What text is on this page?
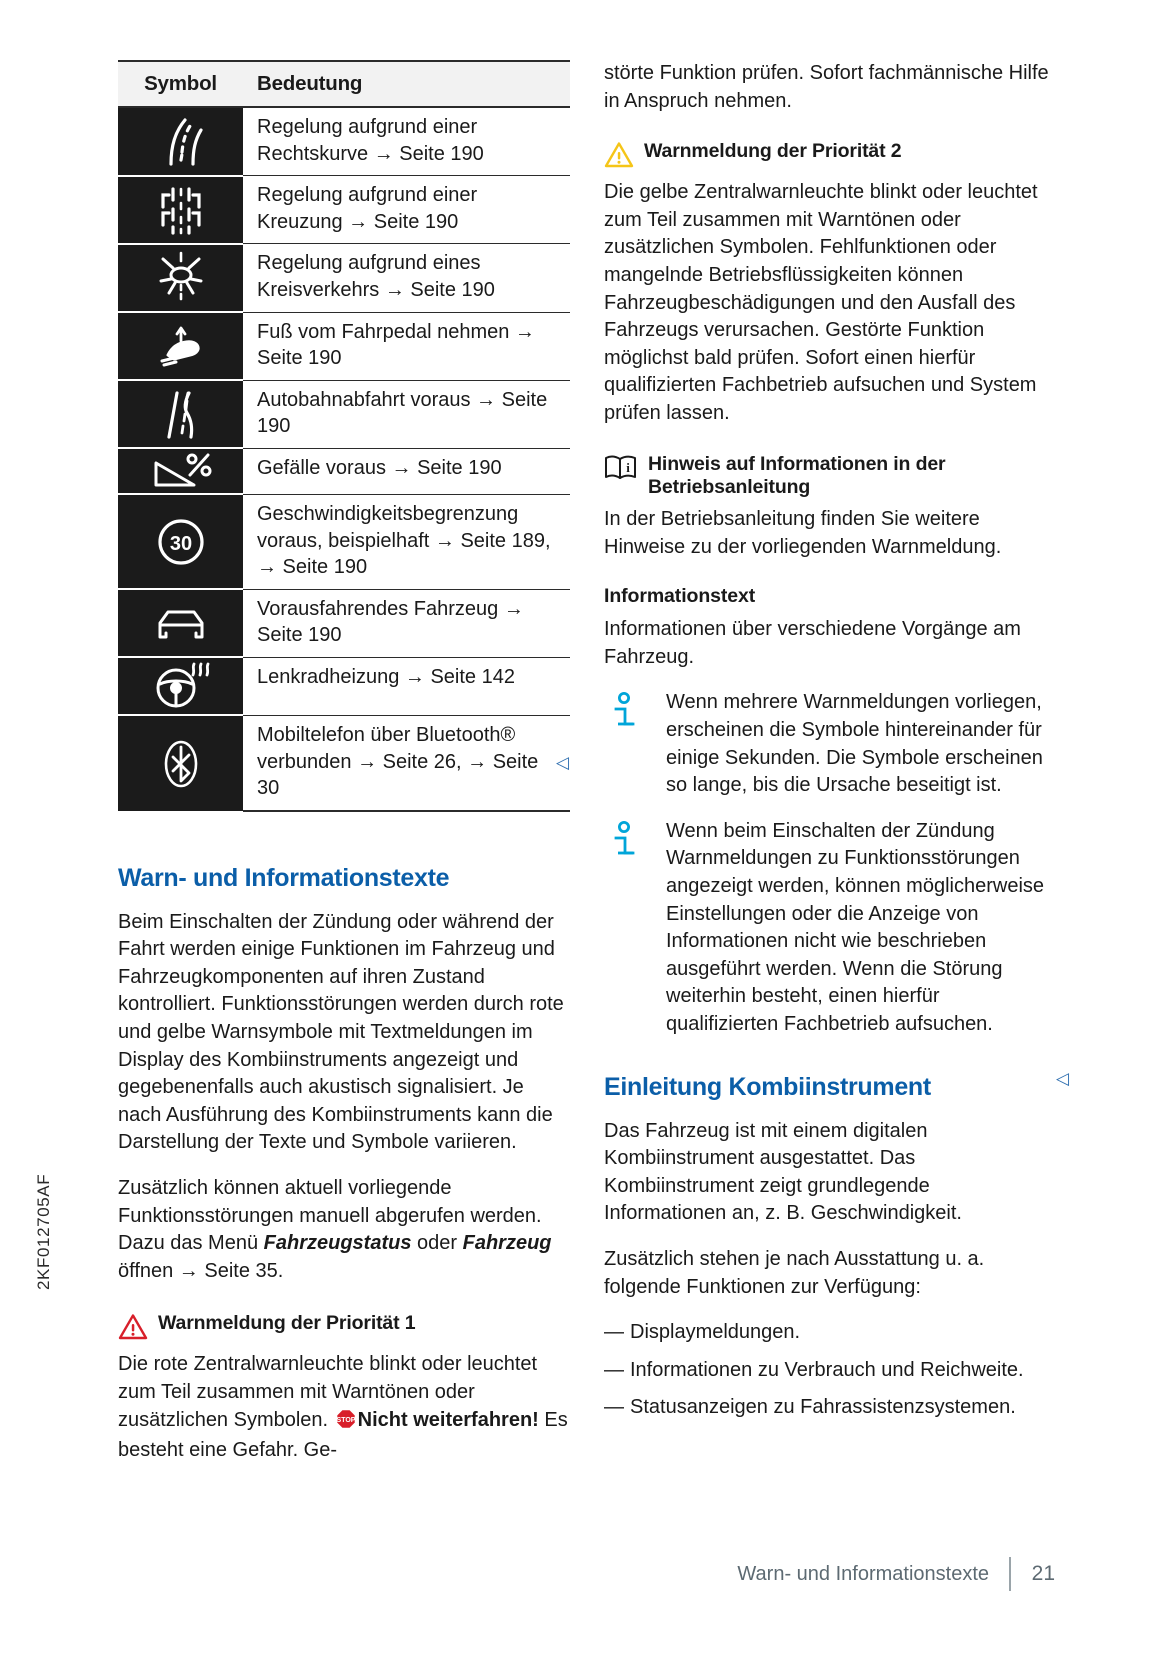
2KF012705AF
Symbol	Bedeutung

	Regelung aufgrund einer Rechtskurve → Seite 190

	Regelung aufgrund einer Kreuzung → Seite 190

	Regelung aufgrund eines Kreisverkehrs → Seite 190

	Fuß vom Fahrpedal nehmen → Seite 190

	Autobahnabfahrt voraus → Seite 190

	Gefälle voraus → Seite 190

30	Geschwindigkeitsbegrenzung voraus, beispielhaft → Seite 189, → Seite 190

	Vorausfahrendes Fahrzeug → Seite 190

	Lenkradheizung → Seite 142

	Mobiltelefon über Bluetooth® verbunden → Seite 26, → Seite 30
◁
Warn- und Informationstexte

Beim Einschalten der Zündung oder während der Fahrt werden einige Funktionen im Fahrzeug und Fahrzeugkomponenten auf ihren Zustand kontrolliert. Funktionsstörungen werden durch rote und gelbe Warnsymbole mit Textmeldungen im Display des Kombiinstruments angezeigt und gegebenenfalls auch akustisch signalisiert. Je nach Ausführung des Kombiinstruments kann die Darstellung der Texte und Symbole variieren.

Zusätzlich können aktuell vorliegende Funktionsstörungen manuell abgerufen werden. Dazu das Menü Fahrzeugstatus oder Fahrzeug öffnen → Seite 35.

Warnmeldung der Priorität 1

Die rote Zentralwarnleuchte blinkt oder leuchtet zum Teil zusammen mit Warntönen oder zusätzlichen Symbolen. STOP Nicht weiterfahren! Es besteht eine Gefahr. Ge-

störte Funktion prüfen. Sofort fachmännische Hilfe in Anspruch nehmen.

Warnmeldung der Priorität 2

Die gelbe Zentralwarnleuchte blinkt oder leuchtet zum Teil zusammen mit Warntönen oder zusätzlichen Symbolen. Fehlfunktionen oder mangelnde Betriebsflüssigkeiten können Fahrzeugbeschädigungen und den Ausfall des Fahrzeugs verursachen. Gestörte Funktion möglichst bald prüfen. Sofort einen hierfür qualifizierten Fachbetrieb aufsuchen und System prüfen lassen.

i Hinweis auf Informationen in der Betriebsanleitung

In der Betriebsanleitung finden Sie weitere Hinweise zu der vorliegenden Warnmeldung.

Informationstext

Informationen über verschiedene Vorgänge am Fahrzeug.

Wenn mehrere Warnmeldungen vorliegen, erscheinen die Symbole hintereinander für einige Sekunden. Die Symbole erscheinen so lange, bis die Ursache beseitigt ist.

Wenn beim Einschalten der Zündung Warnmeldungen zu Funktionsstörungen angezeigt werden, können möglicherweise Einstellungen oder die Anzeige von Informationen nicht wie beschrieben ausgeführt werden. Wenn die Störung weiterhin besteht, einen hierfür qualifizierten Fachbetrieb aufsuchen.

◁
Einleitung Kombiinstrument

Das Fahrzeug ist mit einem digitalen Kombiinstrument ausgestattet. Das Kombiinstrument zeigt grundlegende Informationen an, z. B. Geschwindigkeit.

Zusätzlich stehen je nach Ausstattung u. a. folgende Funktionen zur Verfügung:

— Displaymeldungen.
— Informationen zu Verbrauch und Reichweite.
— Statusanzeigen zu Fahrassistenzsystemen.
Warn- und Informationstexte	21
